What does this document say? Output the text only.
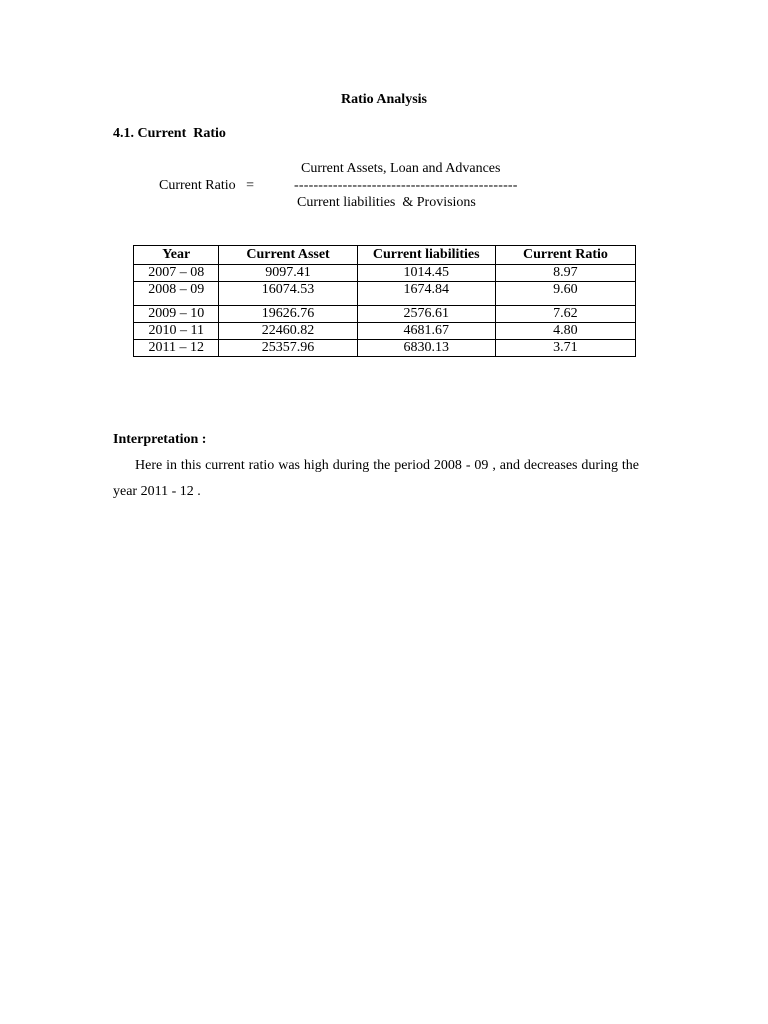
Ratio Analysis
4.1. Current  Ratio
Current Ratio   =
Current Assets, Loan and Advances
----------------------------------------------
Current liabilities  & Provisions
Year	Current Asset	Current liabilities	Current Ratio
2007 – 08	9097.41	1014.45	8.97
2008 – 09	16074.53	1674.84	9.60
2009 – 10	19626.76	2576.61	7.62
2010 – 11	22460.82	4681.67	4.80
2011 – 12	25357.96	6830.13	3.71
Interpretation :
Here in this current ratio was high during the period 2008 - 09 , and decreases during the year 2011 - 12 .
